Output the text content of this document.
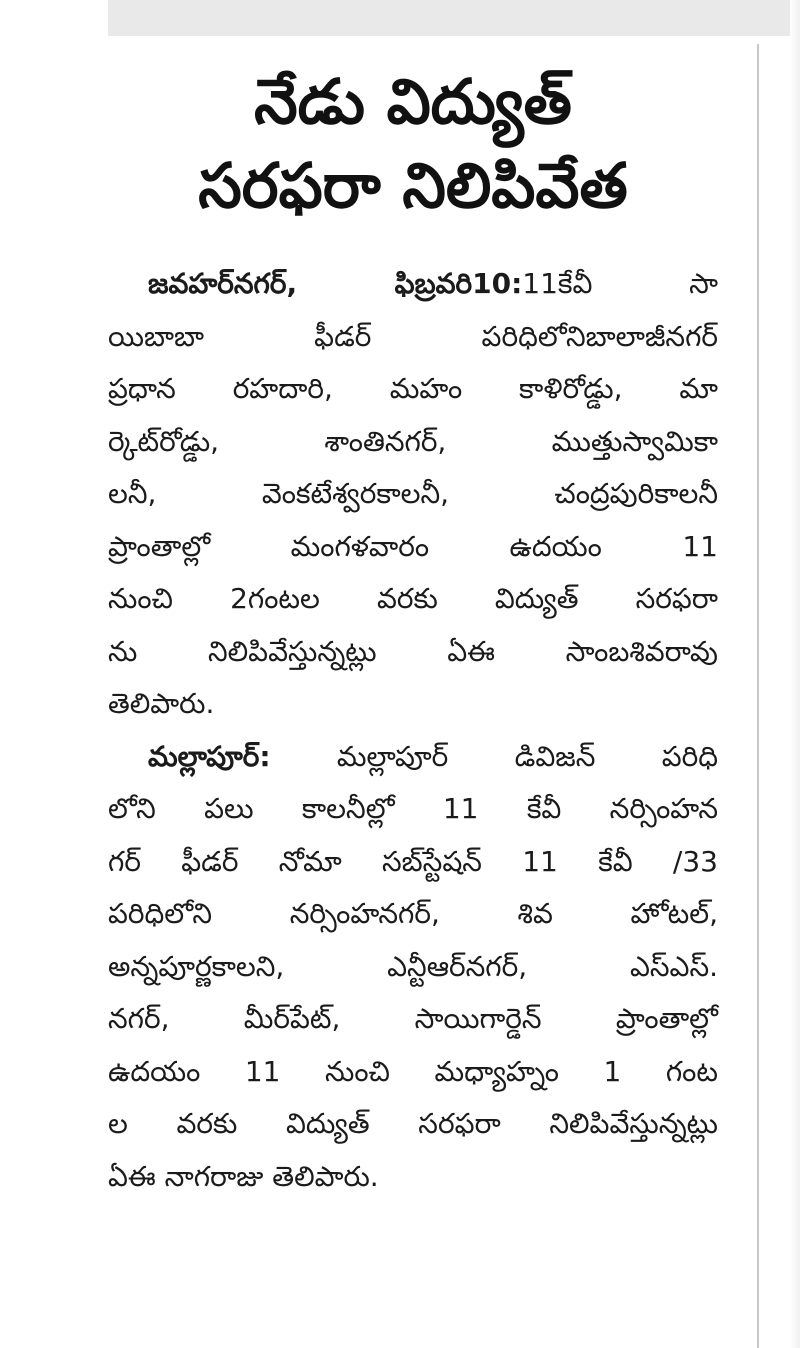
నేడు విద్యుత్
సరఫరా నిలిపివేత

జవహర్‌నగర్, ఫిబ్రవరి10:11కేవీ సా
యిబాబా ఫీడర్ పరిధిలోనిబాలాజీనగర్
ప్రధాన రహదారి, మహం కాళిరోడ్డు, మా
ర్కెట్‌రోడ్డు, శాంతినగర్, ముత్తుస్వామికా
లనీ, వెంకటేశ్వరకాలనీ, చంద్రపురికాలనీ
ప్రాంతాల్లో మంగళవారం ఉదయం 11
నుంచి 2గంటల వరకు విద్యుత్ సరఫరా
ను నిలిపివేస్తున్నట్లు ఏఈ సాంబశివరావు
తెలిపారు.

మల్లాపూర్: మల్లాపూర్ డివిజన్ పరిధి
లోని పలు కాలనీల్లో 11 కేవీ నర్సింహన
గర్ ఫీడర్ నోమా సబ్‌స్టేషన్ 11 కేవీ /33
పరిధిలోని నర్సింహనగర్, శివ హోటల్,
అన్నపూర్ణకాలని, ఎన్టీఆర్‌నగర్, ఎస్ఎస్.
నగర్, మీర్‌పేట్, సాయిగార్డెన్ ప్రాంతాల్లో
ఉదయం 11 నుంచి మధ్యాహ్నం 1 గంట
ల వరకు విద్యుత్ సరఫరా నిలిపివేస్తున్నట్లు
ఏఈ నాగరాజు తెలిపారు.
